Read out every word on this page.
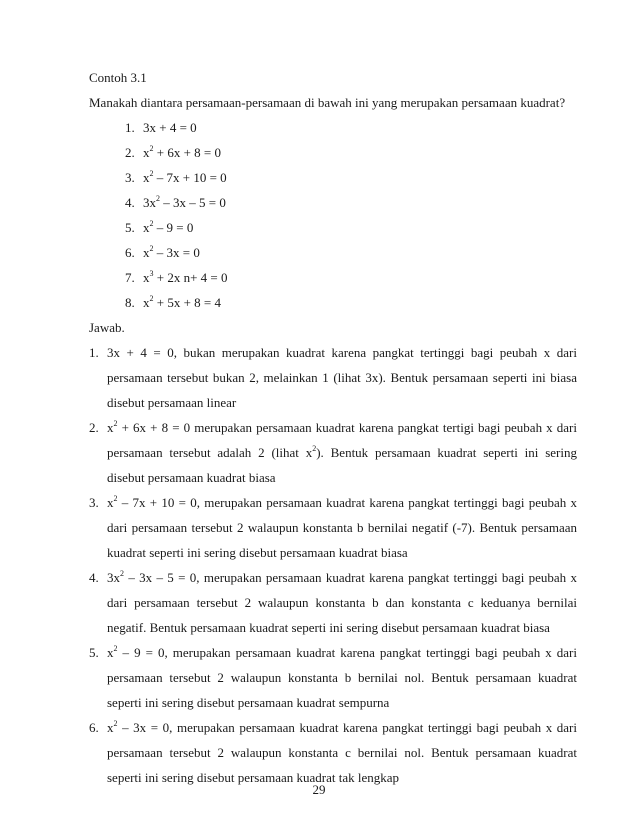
Contoh 3.1

Manakah diantara persamaan-persamaan di bawah ini yang merupakan persamaan kuadrat?

1. 3x + 4 = 0
2. $x^2 + 6x + 8 = 0$
3. $x^2 - 7x + 10 = 0$
4. $3x^2 - 3x - 5 = 0$
5. $x^2 - 9 = 0$
6. $x^2 - 3x = 0$
7. $x^3 + 2x$ n+ 4 = 0
8. $x^2 + 5x + 8 = 4$

Jawab.

1. 3x + 4 = 0, bukan merupakan kuadrat karena pangkat tertinggi bagi peubah x dari persamaan tersebut bukan 2, melainkan 1 (lihat 3x). Bentuk persamaan seperti ini biasa disebut persamaan linear
2. $x^2 + 6x + 8 = 0$ merupakan persamaan kuadrat karena pangkat tertigi bagi peubah x dari persamaan tersebut adalah 2 (lihat $x^2$). Bentuk persamaan kuadrat seperti ini sering disebut persamaan kuadrat biasa
3. $x^2 - 7x + 10 = 0$, merupakan persamaan kuadrat karena pangkat tertinggi bagi peubah x dari persamaan tersebut 2 walaupun konstanta b bernilai negatif (-7). Bentuk persamaan kuadrat seperti ini sering disebut persamaan kuadrat biasa
4. $3x^2 - 3x - 5 = 0$, merupakan persamaan kuadrat karena pangkat tertinggi bagi peubah x dari persamaan tersebut 2 walaupun konstanta b dan konstanta c keduanya bernilai negatif. Bentuk persamaan kuadrat seperti ini sering disebut persamaan kuadrat biasa
5. $x^2 - 9 = 0$, merupakan persamaan kuadrat karena pangkat tertinggi bagi peubah x dari persamaan tersebut 2 walaupun konstanta b bernilai nol. Bentuk persamaan kuadrat seperti ini sering disebut persamaan kuadrat sempurna
6. $x^2 - 3x = 0$, merupakan persamaan kuadrat karena pangkat tertinggi bagi peubah x dari persamaan tersebut 2 walaupun konstanta c bernilai nol. Bentuk persamaan kuadrat seperti ini sering disebut persamaan kuadrat tak lengkap
29
